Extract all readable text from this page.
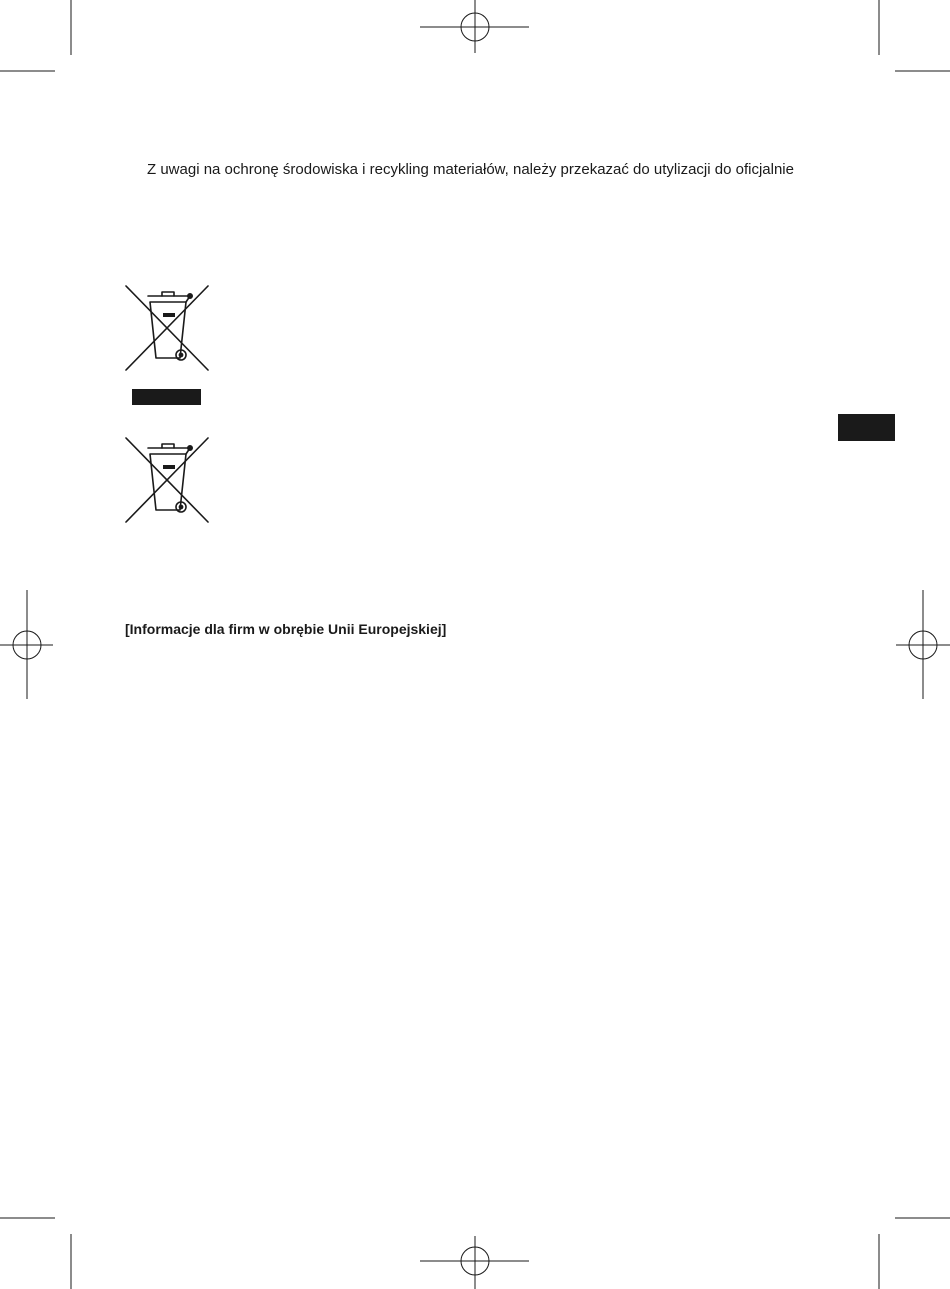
Z uwagi na ochronę środowiska i recykling materiałów, należy przekazać do utylizacji do oficjalnie
[Informacje dla firm w obrębie Unii Europejskiej]
